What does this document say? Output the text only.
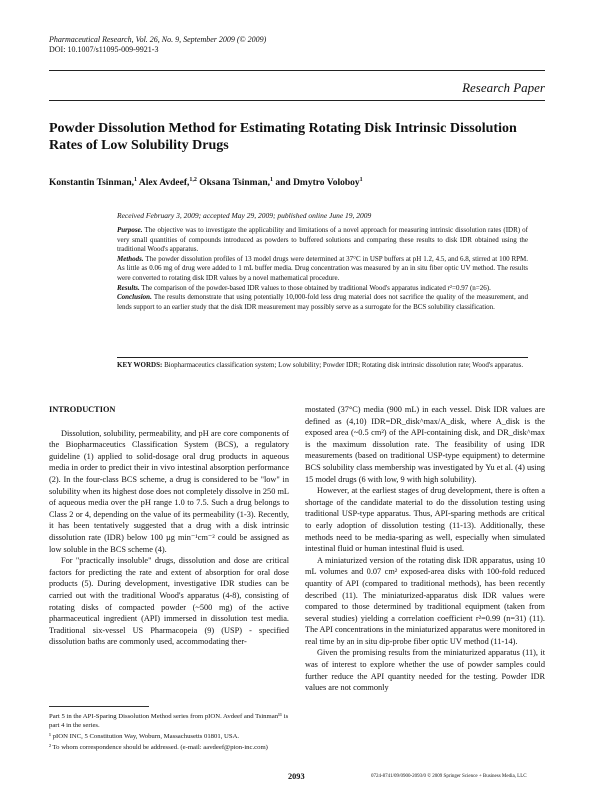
Pharmaceutical Research, Vol. 26, No. 9, September 2009 (© 2009)
DOI: 10.1007/s11095-009-9921-3
Research Paper
Powder Dissolution Method for Estimating Rotating Disk Intrinsic Dissolution Rates of Low Solubility Drugs
Konstantin Tsinman,$^1$ Alex Avdeef,$^{1,2}$ Oksana Tsinman,$^1$ and Dmytro Voloboy$^1$
Received February 3, 2009; accepted May 29, 2009; published online June 19, 2009

Purpose. The objective was to investigate the applicability and limitations of a novel approach for measuring intrinsic dissolution rates (IDR) of very small quantities of compounds introduced as powders to buffered solutions and comparing these results to disk IDR obtained using the traditional Wood's apparatus.

Methods. The powder dissolution profiles of 13 model drugs were determined at 37°C in USP buffers at pH 1.2, 4.5, and 6.8, stirred at 100 RPM. As little as 0.06 mg of drug were added to 1 mL buffer media. Drug concentration was measured by an in situ fiber optic UV method. The results were converted to rotating disk IDR values by a novel mathematical procedure.

Results. The comparison of the powder-based IDR values to those obtained by traditional Wood's apparatus indicated r²=0.97 (n=26).

Conclusion. The results demonstrate that using potentially 10,000-fold less drug material does not sacrifice the quality of the measurement, and lends support to an earlier study that the disk IDR measurement may possibly serve as a surrogate for the BCS solubility classification.

KEY WORDS: Biopharmaceutics classification system; Low solubility; Powder IDR; Rotating disk intrinsic dissolution rate; Wood's apparatus.

INTRODUCTION

Dissolution, solubility, permeability, and pH are core components of the Biopharmaceutics Classification System (BCS), a regulatory guideline (1) applied to solid-dosage oral drug products in aqueous media in order to predict their in vivo intestinal absorption performance (2). In the four-class BCS scheme, a drug is considered to be "low" in solubility when its highest dose does not completely dissolve in 250 mL of aqueous media over the pH range 1.0 to 7.5. Such a drug belongs to Class 2 or 4, depending on the value of its permeability (1-3). Recently, it has been tentatively suggested that a drug with a disk intrinsic dissolution rate (IDR) below 100 µg min⁻¹cm⁻² could be assigned as low soluble in the BCS scheme (4).

For "practically insoluble" drugs, dissolution and dose are critical factors for predicting the rate and extent of absorption for oral dose products (5). During development, investigative IDR studies can be carried out with the traditional Wood's apparatus (4-8), consisting of rotating disks of compacted powder (~500 mg) of the active pharmaceutical ingredient (API) immersed in dissolution test media. Traditional six-vessel US Pharmacopeia (9) (USP) - specified dissolution baths are commonly used, accommodating ther-

mostated (37°C) media (900 mL) in each vessel. Disk IDR values are defined as (4,10) IDR=DR_disk^max/A_disk, where A_disk is the exposed area (~0.5 cm²) of the API-containing disk, and DR_disk^max is the maximum dissolution rate. The feasibility of using IDR measurements (based on traditional USP-type equipment) to determine BCS solubility class membership was investigated by Yu et al. (4) using 15 model drugs (6 with low, 9 with high solubility).

However, at the earliest stages of drug development, there is often a shortage of the candidate material to do the dissolution testing using traditional USP-type apparatus. Thus, API-sparing methods are critical to early adoption of dissolution testing (11-13). Additionally, these methods need to be media-sparing as well, especially when simulated intestinal fluid or human intestinal fluid is used.

A miniaturized version of the rotating disk IDR apparatus, using 10 mL volumes and 0.07 cm² exposed-area disks with 100-fold reduced quantity of API (compared to traditional methods), has been recently described (11). The miniaturized-apparatus disk IDR values were compared to those determined by traditional equipment (taken from several studies) yielding a correlation coefficient r²=0.99 (n=31) (11). The API concentrations in the miniaturized apparatus were monitored in real time by an in situ dip-probe fiber optic UV method (11-14).

Given the promising results from the miniaturized apparatus (11), it was of interest to explore whether the use of powder samples could further reduce the API quantity needed for the testing. Powder IDR values are not commonly

Part 5 in the API-Sparing Dissolution Method series from pION. Avdeef and Tsinman¹¹ is part 4 in the series.

¹ pION INC, 5 Constitution Way, Woburn, Massachusetts 01801, USA.

² To whom correspondence should be addressed. (e-mail: aavdeef@pion-inc.com)

2093	0724-8741/09/0900-2093/0 © 2009 Springer Science + Business Media, LLC
